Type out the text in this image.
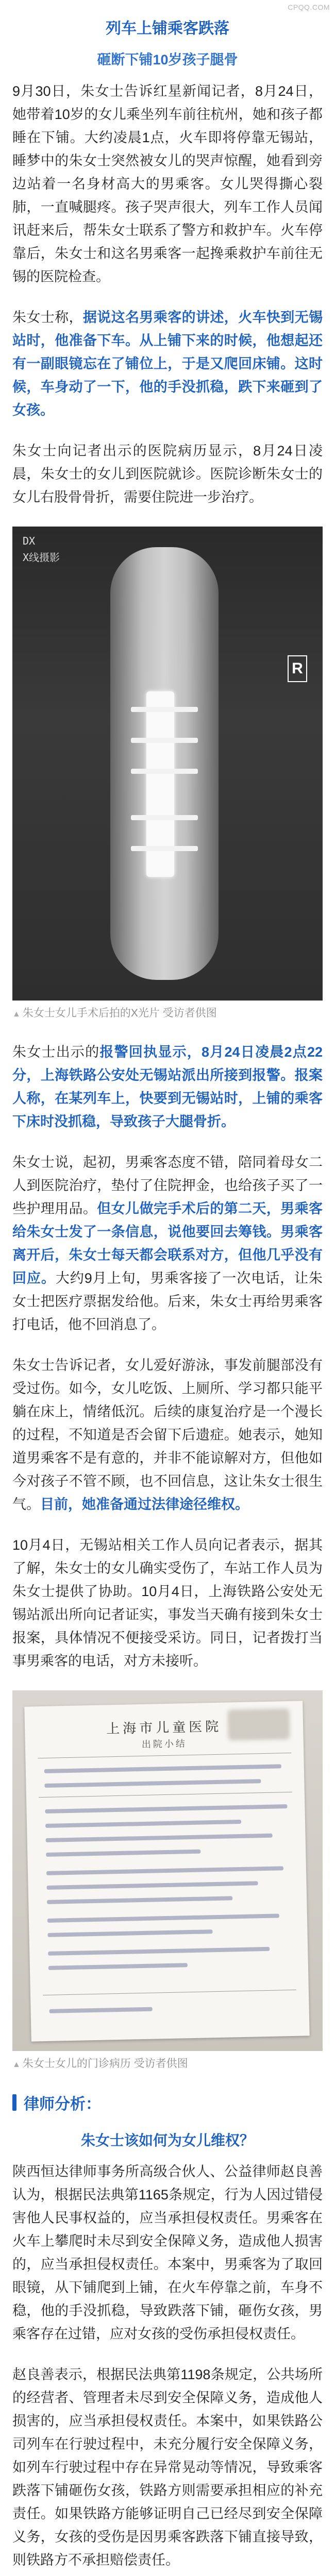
CPQQ.COM
列车上铺乘客跌落
砸断下铺10岁孩子腿骨

9月30日，朱女士告诉红星新闻记者，8月24日，她带着10岁的女儿乘坐列车前往杭州，她和孩子都睡在下铺。大约凌晨1点，火车即将停靠无锡站，睡梦中的朱女士突然被女儿的哭声惊醒，她看到旁边站着一名身材高大的男乘客。女儿哭得撕心裂肺，一直喊腿疼。孩子哭声很大，列车工作人员闻讯赶来后，帮朱女士联系了警方和救护车。火车停靠后，朱女士和这名男乘客一起搀乘救护车前往无锡的医院检查。

朱女士称，据说这名男乘客的讲述，火车快到无锡站时，他准备下车。从上铺下来的时候，他想起还有一副眼镜忘在了铺位上，于是又爬回床铺。这时候，车身动了一下，他的手没抓稳，跌下来砸到了女孩。

朱女士向记者出示的医院病历显示，8月24日凌晨，朱女士的女儿到医院就诊。医院诊断朱女士的女儿右股骨骨折，需要住院进一步治疗。

DX
X线摄影
R
▲ 朱女士女儿手术后拍的X光片 受访者供图

朱女士出示的报警回执显示，8月24日凌晨2点22分，上海铁路公安处无锡站派出所接到报警。报案人称，在某列车上，快要到无锡站时，上铺的乘客下床时没抓稳，导致孩子大腿骨折。

朱女士说，起初，男乘客态度不错，陪同着母女二人到医院治疗，垫付了住院押金，也给孩子买了一些护理用品。但女儿做完手术后的第二天，男乘客给朱女士发了一条信息，说他要回去筹钱。男乘客离开后，朱女士每天都会联系对方，但他几乎没有回应。大约9月上旬，男乘客接了一次电话，让朱女士把医疗票据发给他。后来，朱女士再给男乘客打电话，他不回消息了。

朱女士告诉记者，女儿爱好游泳，事发前腿部没有受过伤。如今，女儿吃饭、上厕所、学习都只能平躺在床上，情绪低沉。后续的康复治疗是一个漫长的过程，不知道是否会留下后遗症。她表示，她知道男乘客不是有意的，并非不能谅解对方，但他如今对孩子不管不顾，也不回信息，这让朱女士很生气。目前，她准备通过法律途径维权。

10月4日，无锡站相关工作人员向记者表示，据其了解，朱女士的女儿确实受伤了，车站工作人员为朱女士提供了协助。10月4日，上海铁路公安处无锡站派出所向记者证实，事发当天确有接到朱女士报案，具体情况不便接受采访。同日，记者拨打当事男乘客的电话，对方未接听。

上海市儿童医院
出院小结
▲ 朱女士女儿的门诊病历 受访者供图
律师分析：
朱女士该如何为女儿维权？

陕西恒达律师事务所高级合伙人、公益律师赵良善认为，根据民法典第1165条规定，行为人因过错侵害他人民事权益的，应当承担侵权责任。男乘客在火车上攀爬时未尽到安全保障义务，造成他人损害的，应当承担侵权责任。本案中，男乘客为了取回眼镜，从下铺爬到上铺，在火车停靠之前，车身不稳，他的手没抓稳，导致跌落下铺，砸伤女孩，男乘客存在过错，应对女孩的受伤承担侵权责任。

赵良善表示，根据民法典第1198条规定，公共场所的经营者、管理者未尽到安全保障义务，造成他人损害的，应当承担侵权责任。本案中，如果铁路公司列车在行驶过程中，未充分履行安全保障义务，如列车行驶过程中存在异常晃动等情况，导致乘客跌落下铺砸伤女孩，铁路方则需要承担相应的补充责任。如果铁路方能够证明自己已经尽到安全保障义务，女孩的受伤是因男乘客跌落下铺直接导致，则铁路方不承担赔偿责任。
